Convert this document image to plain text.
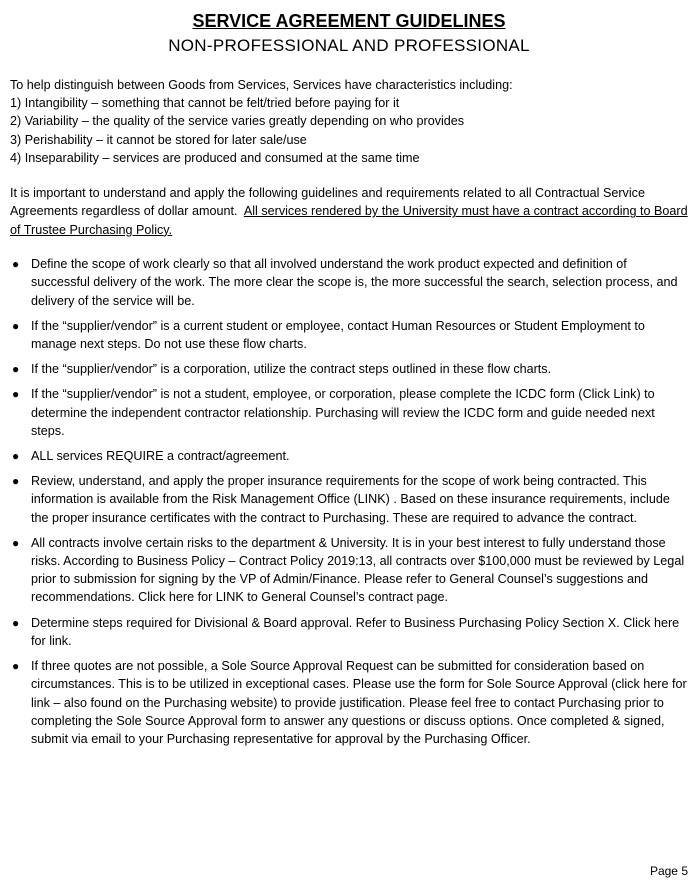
SERVICE AGREEMENT GUIDELINES
NON-PROFESSIONAL AND PROFESSIONAL
To help distinguish between Goods from Services, Services have characteristics including:
1) Intangibility – something that cannot be felt/tried before paying for it
2) Variability – the quality of the service varies greatly depending on who provides
3) Perishability – it cannot be stored for later sale/use
4) Inseparability – services are produced and consumed at the same time
It is important to understand and apply the following guidelines and requirements related to all Contractual Service Agreements regardless of dollar amount. All services rendered by the University must have a contract according to Board of Trustee Purchasing Policy.
● Define the scope of work clearly so that all involved understand the work product expected and definition of successful delivery of the work. The more clear the scope is, the more successful the search, selection process, and delivery of the service will be.
● If the “supplier/vendor” is a current student or employee, contact Human Resources or Student Employment to manage next steps. Do not use these flow charts.
● If the “supplier/vendor” is a corporation, utilize the contract steps outlined in these flow charts.
● If the “supplier/vendor” is not a student, employee, or corporation, please complete the ICDC form (Click Link) to determine the independent contractor relationship. Purchasing will review the ICDC form and guide needed next steps.
● ALL services REQUIRE a contract/agreement.
● Review, understand, and apply the proper insurance requirements for the scope of work being contracted. This information is available from the Risk Management Office (LINK) . Based on these insurance requirements, include the proper insurance certificates with the contract to Purchasing. These are required to advance the contract.
● All contracts involve certain risks to the department & University. It is in your best interest to fully understand those risks. According to Business Policy – Contract Policy 2019:13, all contracts over $100,000 must be reviewed by Legal prior to submission for signing by the VP of Admin/Finance. Please refer to General Counsel’s suggestions and recommendations. Click here for LINK to General Counsel’s contract page.
● Determine steps required for Divisional & Board approval. Refer to Business Purchasing Policy Section X. Click here for link.
● If three quotes are not possible, a Sole Source Approval Request can be submitted for consideration based on circumstances. This is to be utilized in exceptional cases. Please use the form for Sole Source Approval (click here for link – also found on the Purchasing website) to provide justification. Please feel free to contact Purchasing prior to completing the Sole Source Approval form to answer any questions or discuss options. Once completed & signed, submit via email to your Purchasing representative for approval by the Purchasing Officer.
Page 5
